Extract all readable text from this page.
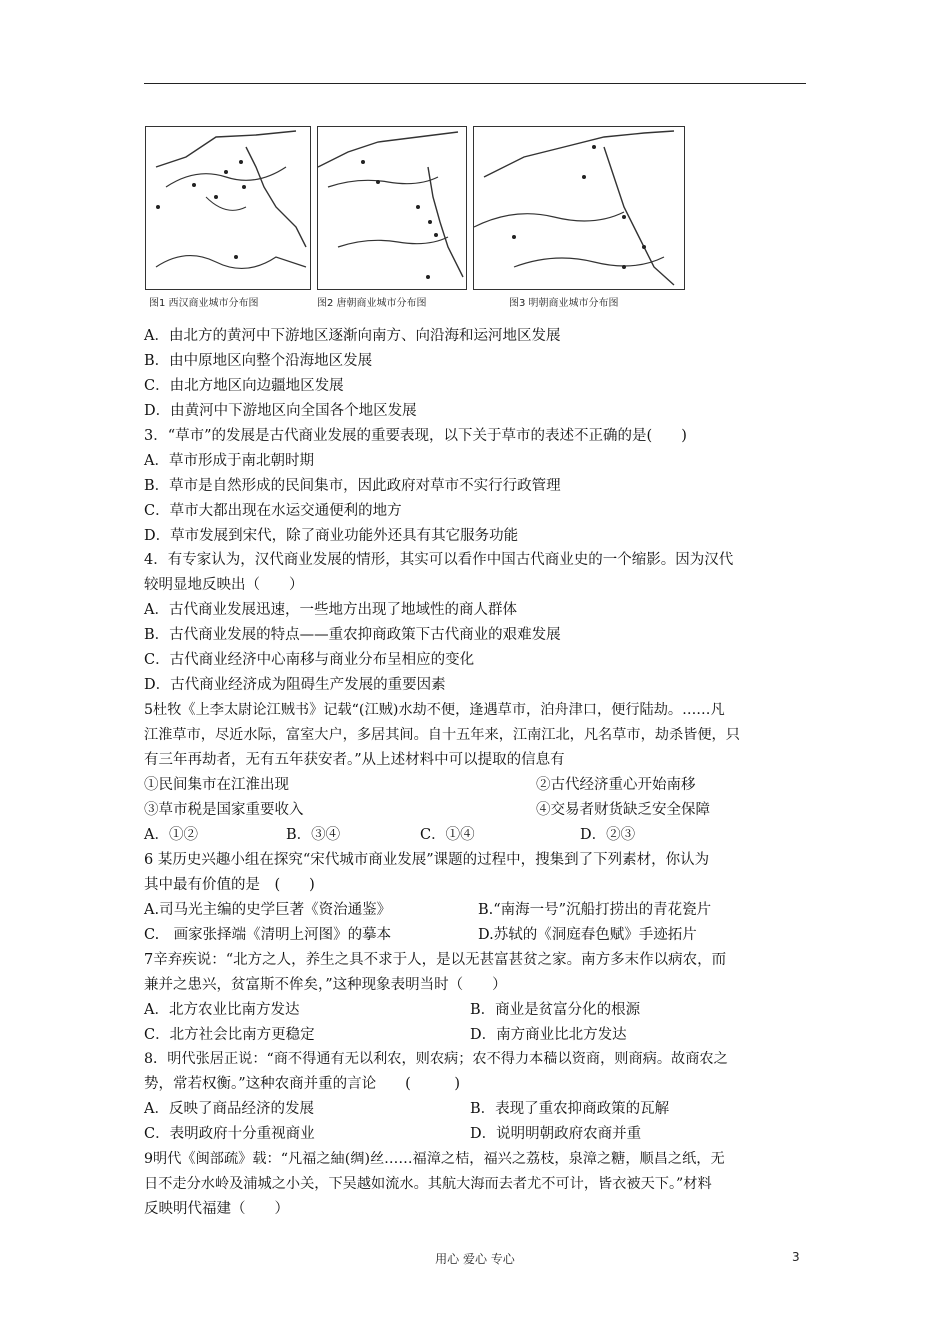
图1 西汉商业城市分布图	图2 唐朝商业城市分布图	图3 明朝商业城市分布图
A．由北方的黄河中下游地区逐渐向南方、向沿海和运河地区发展
B．由中原地区向整个沿海地区发展
C．由北方地区向边疆地区发展
D．由黄河中下游地区向全国各个地区发展
3．“草市”的发展是古代商业发展的重要表现，以下关于草市的表述不正确的是(　　)
A．草市形成于南北朝时期
B．草市是自然形成的民间集市，因此政府对草市不实行行政管理
C．草市大都出现在水运交通便利的地方
D．草市发展到宋代，除了商业功能外还具有其它服务功能
4．有专家认为，汉代商业发展的情形，其实可以看作中国古代商业史的一个缩影。因为汉代
较明显地反映出（　　）
A．古代商业发展迅速，一些地方出现了地域性的商人群体
B．古代商业发展的特点——重农抑商政策下古代商业的艰难发展
C．古代商业经济中心南移与商业分布呈相应的变化
D．古代商业经济成为阻碍生产发展的重要因素
5杜牧《上李太尉论江贼书》记载“(江贼)水劫不便，逢遇草市，泊舟津口，便行陆劫。……凡
江淮草市，尽近水际，富室大户，多居其间。自十五年来，江南江北，凡名草市，劫杀皆便，只
有三年再劫者，无有五年获安者。”从上述材料中可以提取的信息有
①民间集市在江淮出现	②古代经济重心开始南移
③草市税是国家重要收入	④交易者财货缺乏安全保障
A．①②	B．③④	C．①④	D．②③
6 某历史兴趣小组在探究“宋代城市商业发展”课题的过程中，搜集到了下列素材，你认为
其中最有价值的是　(　　)
A.司马光主编的史学巨著《资治通鉴》	B.“南海一号”沉船打捞出的青花瓷片
C.　画家张择端《清明上河图》的摹本	D.苏轼的《洞庭春色赋》手迹拓片
7辛弃疾说：“北方之人，养生之具不求于人，是以无甚富甚贫之家。南方多末作以病农，而
兼并之患兴，贫富斯不侔矣，”这种现象表明当时（　　）
A．北方农业比南方发达	B．商业是贫富分化的根源
C．北方社会比南方更稳定	D．南方商业比北方发达
8．明代张居正说：“商不得通有无以利农，则农病；农不得力本穑以资商，则商病。故商农之
势，常若权衡。”这种农商并重的言论　　(　　　)
A．反映了商品经济的发展	B．表现了重农抑商政策的瓦解
C．表明政府十分重视商业	D．说明明朝政府农商并重
9明代《闽部疏》载：“凡福之紬(绸)丝……福漳之桔，福兴之荔枝，泉漳之糖，顺昌之纸，无
日不走分水岭及浦城之小关，下吴越如流水。其航大海而去者尤不可计，皆衣被天下。”材料
反映明代福建（　　）
用心 爱心 专心	3
